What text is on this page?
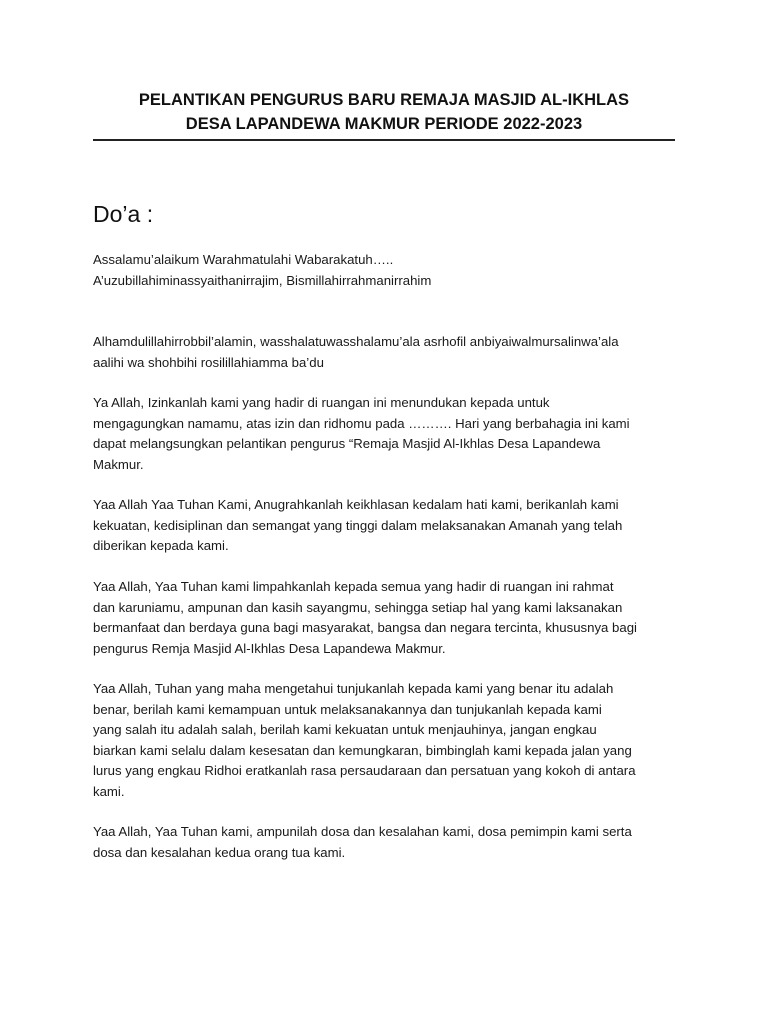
PELANTIKAN PENGURUS BARU REMAJA MASJID AL-IKHLAS
DESA LAPANDEWA MAKMUR PERIODE 2022-2023
Do’a :
Assalamu’alaikum Warahmatulahi Wabarakatuh…..
A’uzubillahiminassyaithanirrajim, Bismillahirrahmanirrahim
Alhamdulillahirrobbil’alamin, wasshalatuwasshalamu’ala asrhofil anbiyaiwalmursalinwa’ala
aalihi wa shohbihi rosilillahiamma ba’du
Ya Allah, Izinkanlah kami yang hadir di ruangan ini menundukan kepada untuk
mengagungkan namamu, atas izin dan ridhomu pada ………. Hari yang berbahagia ini kami
dapat melangsungkan pelantikan pengurus “Remaja Masjid Al-Ikhlas Desa Lapandewa
Makmur.
Yaa Allah Yaa Tuhan Kami, Anugrahkanlah keikhlasan kedalam hati kami, berikanlah kami
kekuatan, kedisiplinan dan semangat yang tinggi dalam melaksanakan Amanah yang telah
diberikan kepada kami.
Yaa Allah, Yaa Tuhan kami limpahkanlah kepada semua yang hadir di ruangan ini rahmat
dan karuniamu, ampunan dan kasih sayangmu, sehingga setiap hal yang kami laksanakan
bermanfaat dan berdaya guna bagi masyarakat, bangsa dan negara tercinta, khususnya bagi
pengurus Remja Masjid Al-Ikhlas Desa Lapandewa Makmur.
Yaa Allah, Tuhan yang maha mengetahui tunjukanlah kepada kami yang benar itu adalah
benar, berilah kami kemampuan untuk melaksanakannya dan tunjukanlah kepada kami
yang salah itu adalah salah, berilah kami kekuatan untuk menjauhinya, jangan engkau
biarkan kami selalu dalam kesesatan dan kemungkaran, bimbinglah kami kepada jalan yang
lurus yang engkau Ridhoi eratkanlah rasa persaudaraan dan persatuan yang kokoh di antara
kami.
Yaa Allah, Yaa Tuhan kami, ampunilah dosa dan kesalahan kami, dosa pemimpin kami serta
dosa dan kesalahan kedua orang tua kami.
